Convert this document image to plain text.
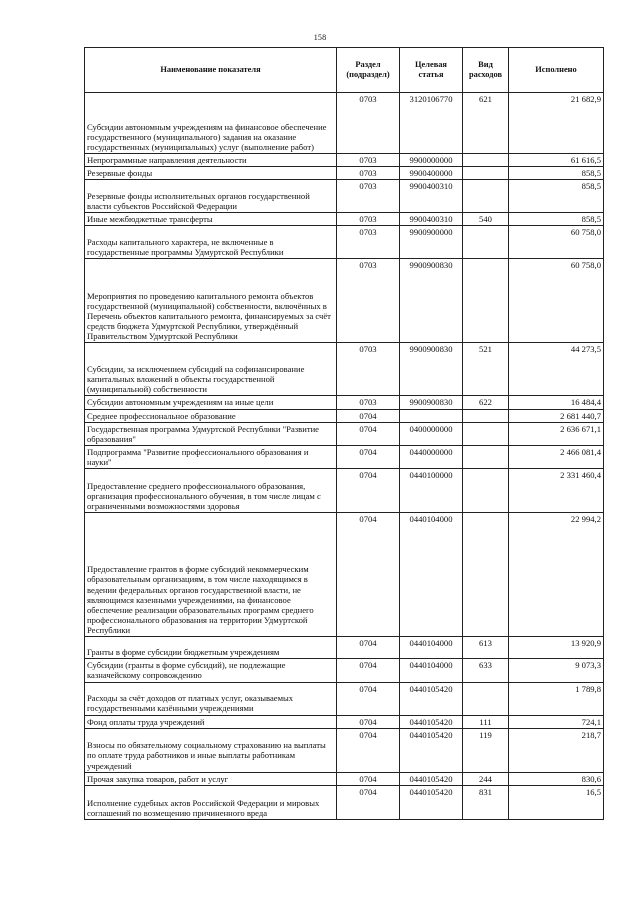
158
Наименование показателя	Раздел (подраздел)	Целевая статья	Вид расходов	Исполнено
Субсидии автономным учреждениям на финансовое обеспечение государственного (муниципального) задания на оказание государственных (муниципальных) услуг (выполнение работ)	0703	3120106770	621	21 682,9
Непрограммные направления деятельности	0703	9900000000		61 616,5
Резервные фонды	0703	9900400000		858,5
Резервные фонды исполнительных органов государственной власти субъектов Российской Федерации	0703	9900400310		858,5
Иные межбюджетные трансферты	0703	9900400310	540	858,5
Расходы капитального характера, не включенные в государственные программы Удмуртской Республики	0703	9900900000		60 758,0
Мероприятия по проведению капитального ремонта объектов государственной (муниципальной) собственности, включённых в Перечень объектов капитального ремонта, финансируемых за счёт средств бюджета Удмуртской Республики, утверждённый Правительством Удмуртской Республики	0703	9900900830		60 758,0
Субсидии, за исключением субсидий на софинансирование капитальных вложений в объекты государственной (муниципальной) собственности	0703	9900900830	521	44 273,5
Субсидии автономным учреждениям на иные цели	0703	9900900830	622	16 484,4
Среднее профессиональное образование	0704			2 681 440,7
Государственная программа Удмуртской Республики "Развитие образования"	0704	0400000000		2 636 671,1
Подпрограмма "Развитие профессионального образования и науки"	0704	0440000000		2 466 081,4
Предоставление среднего профессионального образования, организация профессионального обучения, в том числе лицам с ограниченными возможностями здоровья	0704	0440100000		2 331 460,4
Предоставление грантов в форме субсидий некоммерческим образовательным организациям, в том числе находящимся в ведении федеральных органов государственной власти, не являющимся казенными учреждениями, на финансовое обеспечение реализации образовательных программ среднего профессионального образования на территории Удмуртской Республики	0704	0440104000		22 994,2
Гранты в форме субсидии бюджетным учреждениям	0704	0440104000	613	13 920,9
Субсидии (гранты в форме субсидий), не подлежащие казначейскому сопровождению	0704	0440104000	633	9 073,3
Расходы за счёт доходов от платных услуг, оказываемых государственными казёнными учреждениями	0704	0440105420		1 789,8
Фонд оплаты труда учреждений	0704	0440105420	111	724,1
Взносы по обязательному социальному страхованию на выплаты по оплате труда работников и иные выплаты работникам учреждений	0704	0440105420	119	218,7
Прочая закупка товаров, работ и услуг	0704	0440105420	244	830,6
Исполнение судебных актов Российской Федерации и мировых соглашений по возмещению причиненного вреда	0704	0440105420	831	16,5
